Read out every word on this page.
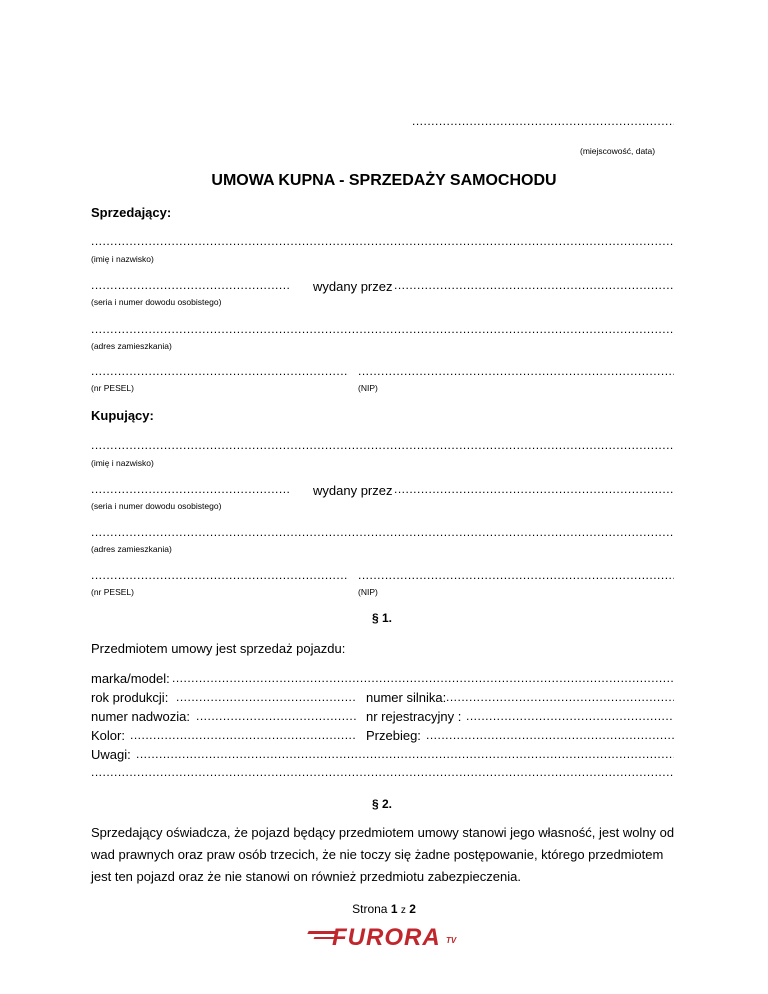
.....
(miejscowość, data)
UMOWA KUPNA - SPRZEDAŻY SAMOCHODU
Sprzedający:
.....
(imię i nazwisko)
.....
wydany przez
.....
(seria i numer dowodu osobistego)
.....
(adres zamieszkania)
.....
.....
(nr PESEL)	(NIP)
Kupujący:
.....
(imię i nazwisko)
.....
wydany przez
.....
(seria i numer dowodu osobistego)
.....
(adres zamieszkania)
.....
.....
(nr PESEL)	(NIP)
§ 1.
Przedmiotem umowy jest sprzedaż pojazdu:
marka/model:
.....
rok produkcji: .....	numer silnika:
.....
numer nadwozia: .....	nr rejestracyjny :
.....
Kolor: .....	Przebieg:
.....
Uwagi:
.....
.....
§ 2.

Sprzedający oświadcza, że pojazd będący przedmiotem umowy stanowi jego własność, jest wolny od

wad prawnych oraz praw osób trzecich, że nie toczy się żadne postępowanie, którego przedmiotem

jest ten pojazd oraz że nie stanowi on również przedmiotu zabezpieczenia.

Strona 1 z 2
FURORA TV
